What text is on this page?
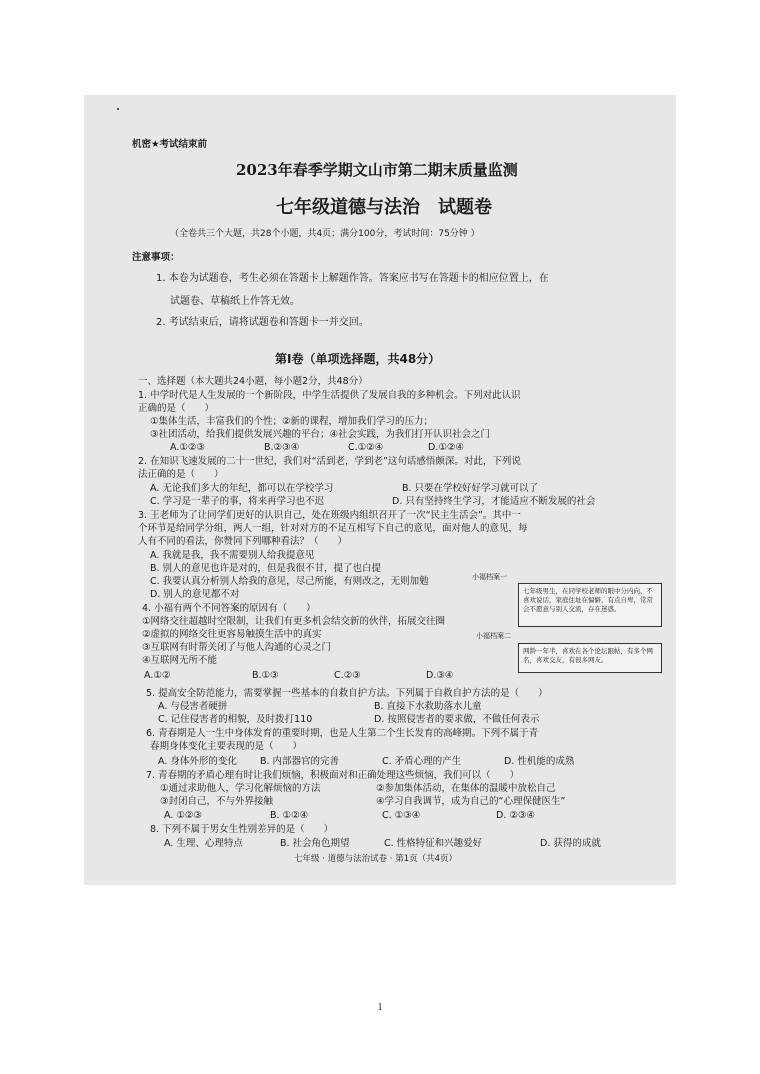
机密★考试结束前
2023年春季学期文山市第二期末质量监测
七年级道德与法治　试题卷
（全卷共三个大题，共28个小题，共4页；满分100分，考试时间：75分钟 ）
注意事项：
1. 本卷为试题卷，考生必须在答题卡上解题作答。答案应书写在答题卡的相应位置上，在
试题卷、草稿纸上作答无效。
2. 考试结束后，请将试题卷和答题卡一并交回。
第Ⅰ卷（单项选择题，共48分）
一、选择题（本大题共24小题，每小题2分，共48分）
1. 中学时代是人生发展的一个新阶段，中学生活提供了发展自我的多种机会。下列对此认识
正确的是（　　）
①集体生活，丰富我们的个性；②新的课程，增加我们学习的压力；
③社团活动，给我们提供发展兴趣的平台；④社会实践，为我们打开认识社会之门
A.①②③	B.②③④	C.①②④	D.①②④
2. 在知识飞速发展的二十一世纪，我们对“活到老，学到老”这句话感悟颇深。对此，下列说
法正确的是（　　）
A. 无论我们多大的年纪，都可以在学校学习	B. 只要在学校好好学习就可以了
C. 学习是一辈子的事，将来再学习也不迟	D. 只有坚持终生学习，才能适应不断发展的社会
3. 王老师为了让同学们更好的认识自己，处在班级内组织召开了一次“民主生活会”。其中一
个环节是给同学分组，两人一组，针对对方的不足互相写下自己的意见，面对他人的意见，每
人有不同的看法，你赞同下列哪种看法？（　　）
A. 我就是我，我不需要别人给我提意见
B. 别人的意见也许是对的，但是我很不甘，提了也白提
C. 我要认真分析别人给我的意见，尽己所能，有则改之，无则加勉
D. 别人的意见都不对
4. 小福有两个不同答案的原因有（　　）
①网络交往超越时空限制，让我们有更多机会结交新的伙伴，拓展交往圈
②虚拟的网络交往更容易触摸生活中的真实
③互联网有时帮关闭了与他人沟通的心灵之门
④互联网无所不能
A.①②	B.①③	C.②③	D.③④
小福档案一
七年级男生，在同学校老师的眼中分内向、不喜欢说话，家庭住址在偏僻，有点自卑，常常会不愿意与别人交流，存在迷惑。
小福档案二
网龄一年半，喜欢在各个论坛跟帖，有多个网名，喜欢交友，有很多网友。
5. 提高安全防范能力，需要掌握一些基本的自救自护方法。下列属于自救自护方法的是（　　）
A. 与侵害者硬拼	B. 直接下水救助落水儿童
C. 记住侵害者的相貌，及时拨打110	D. 按照侵害者的要求做，不做任何表示
6. 青春期是人一生中身体发育的重要时期，也是人生第二个生长发育的高峰期。下列不属于青
春期身体变化主要表现的是（　　）
A. 身体外形的变化 B. 内部器官的完善	C. 矛盾心理的产生	D. 性机能的成熟
7. 青春期的矛盾心理有时让我们烦恼，积极面对和正确处理这些烦恼，我们可以（　　）
①通过求助他人，学习化解烦恼的方法	②参加集体活动，在集体的温暖中放松自己
③封闭自己，不与外界接触	④学习自我调节，成为自己的“心理保健医生”
A. ①②③	B. ①②④	C. ①③④	D. ②③④
8. 下列不属于男女生性别差异的是（　　）
A. 生理、心理特点	B. 社会角色期望	C. 性格特征和兴趣爱好	D. 获得的成就
七年级 · 道德与法治试卷 · 第1页（共4页）
1
